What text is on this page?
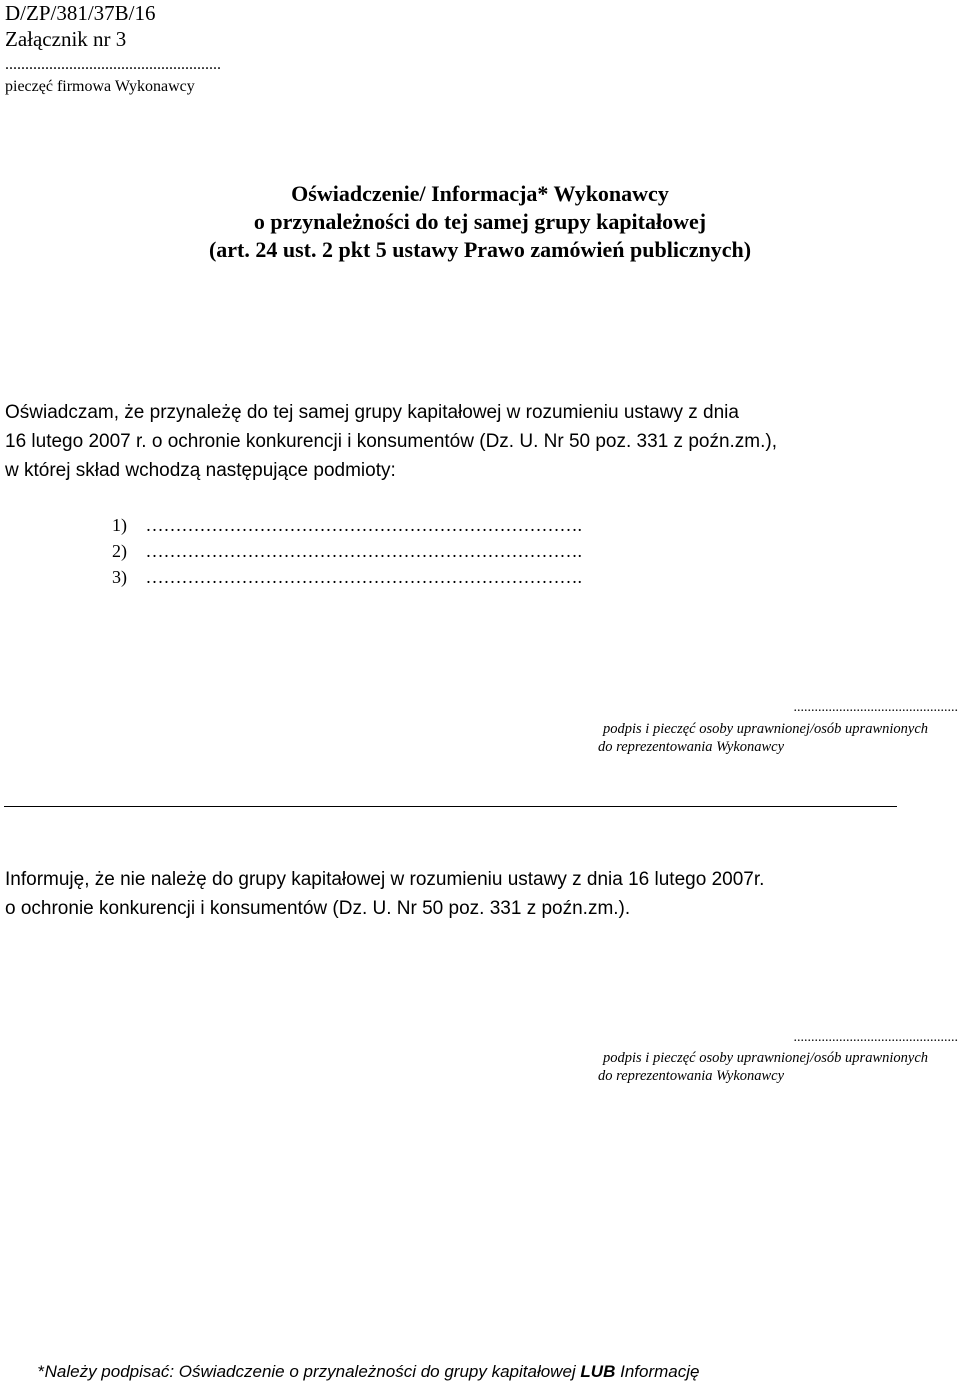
D/ZP/381/37B/16
Załącznik nr 3
......................................................
pieczęć firmowa Wykonawcy
Oświadczenie/ Informacja* Wykonawcy
o przynależności do tej samej grupy kapitałowej
(art. 24 ust. 2 pkt 5 ustawy Prawo zamówień publicznych)
Oświadczam, że przynależę do tej samej grupy kapitałowej w rozumieniu ustawy z dnia
16 lutego 2007 r. o ochronie konkurencji i konsumentów (Dz. U. Nr 50 poz. 331 z poźn.zm.),
w której skład wchodzą następujące podmioty:
1) ……………………………………………………………….
2) ……………………………………………………………….
3) ……………………………………………………………….
...............................................
podpis i pieczęć osoby uprawnionej/osób uprawnionych
do reprezentowania Wykonawcy
Informuję, że nie należę do grupy kapitałowej w rozumieniu ustawy z dnia 16 lutego 2007r.
o ochronie konkurencji i konsumentów (Dz. U. Nr 50 poz. 331 z poźn.zm.).
...............................................
podpis i pieczęć osoby uprawnionej/osób uprawnionych
do reprezentowania Wykonawcy
*Należy podpisać: Oświadczenie o przynależności do grupy kapitałowej LUB Informację
